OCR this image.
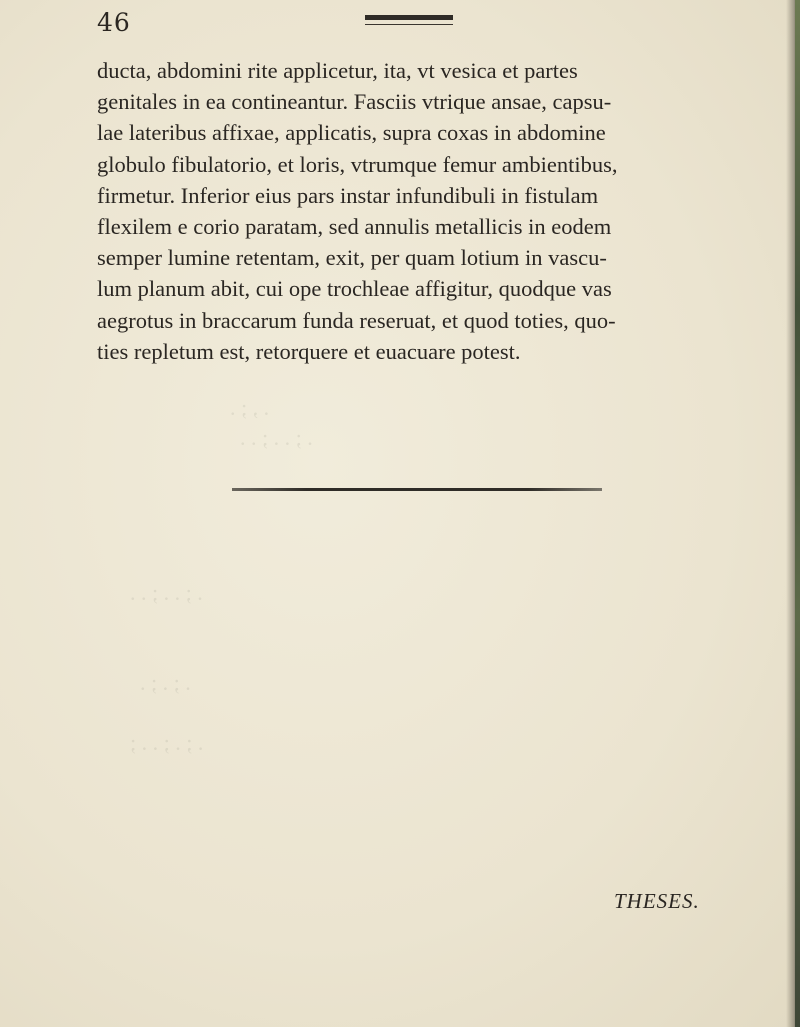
. , ; .
. ; . . ; . .
. ; . . ; . .
. ; . ; .
. ; . ; . . ;
46
ducta, abdomini rite applicetur, ita, vt vesica et partes
genitales in ea contineantur. Fasciis vtrique ansae, capsu-
lae lateribus affixae, applicatis, supra coxas in abdomine
globulo fibulatorio, et loris, vtrumque femur ambientibus,
firmetur. Inferior eius pars instar infundibuli in fistulam
flexilem e corio paratam, sed annulis metallicis in eodem
semper lumine retentam, exit, per quam lotium in vascu-
lum planum abit, cui ope trochleae affigitur, quodque vas
aegrotus in braccarum funda reseruat, et quod toties, quo-
ties repletum est, retorquere et euacuare potest.
THESES.
